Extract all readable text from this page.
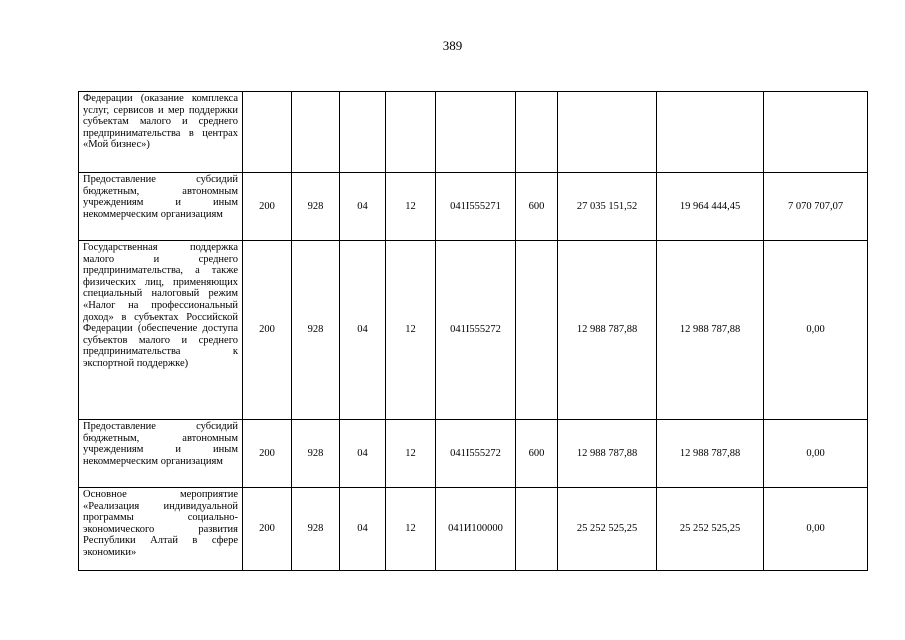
389
Федерации (оказание комплекса услуг, сервисов и мер поддержки субъектам малого и среднего предпринимательства в центрах «Мой бизнес»)									
Предоставление субсидий бюджетным, автономным учреждениям и иным некоммерческим организациям	200	928	04	12	041I555271	600	27 035 151,52	19 964 444,45	7 070 707,07
Государственная поддержка малого и среднего предпринимательства, а также физических лиц, применяющих специальный налоговый режим «Налог на профессиональный доход» в субъектах Российской Федерации (обеспечение доступа субъектов малого и среднего предпринимательства к экспортной поддержке)	200	928	04	12	041I555272		12 988 787,88	12 988 787,88	0,00
Предоставление субсидий бюджетным, автономным учреждениям и иным некоммерческим организациям	200	928	04	12	041I555272	600	12 988 787,88	12 988 787,88	0,00
Основное мероприятие «Реализация индивидуальной программы социально-экономического развития Республики Алтай в сфере экономики»	200	928	04	12	041И100000		25 252 525,25	25 252 525,25	0,00
